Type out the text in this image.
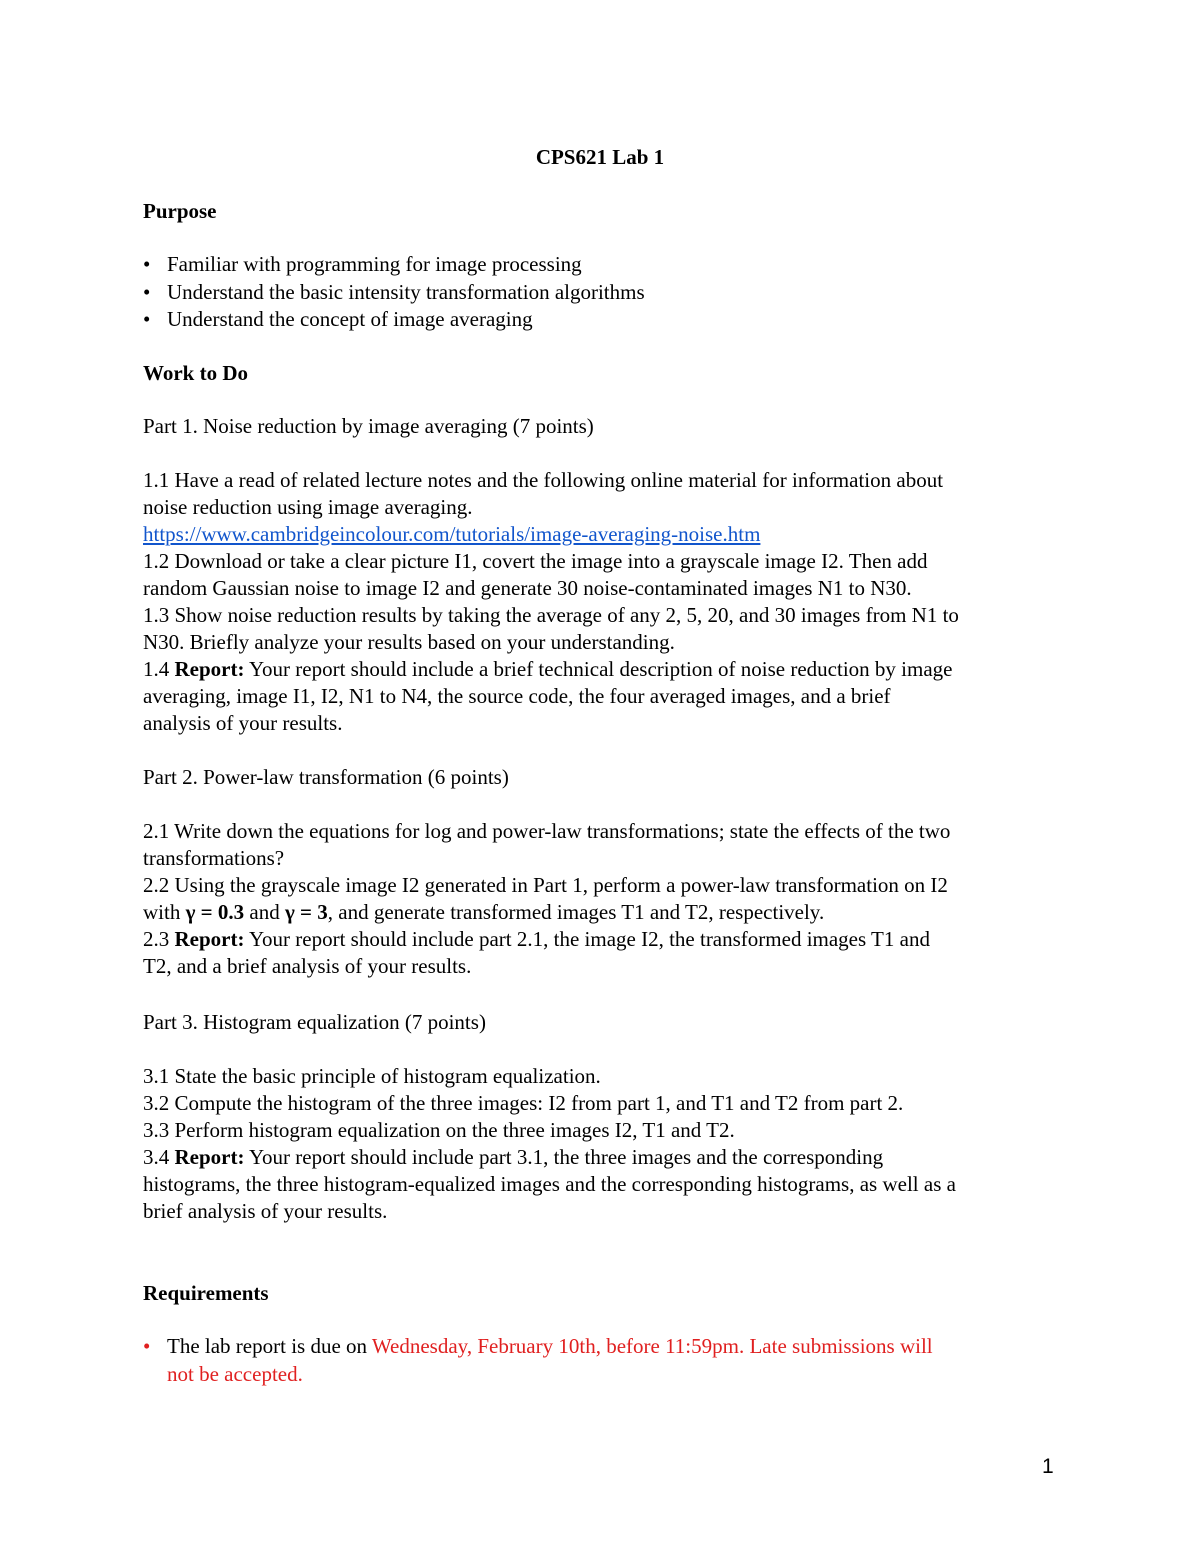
CPS621 Lab 1
Purpose
• Familiar with programming for image processing
• Understand the basic intensity transformation algorithms
• Understand the concept of image averaging
Work to Do
Part 1. Noise reduction by image averaging (7 points)
1.1 Have a read of related lecture notes and the following online material for information about
noise reduction using image averaging.
https://www.cambridgeincolour.com/tutorials/image-averaging-noise.htm
1.2 Download or take a clear picture I1, covert the image into a grayscale image I2. Then add
random Gaussian noise to image I2 and generate 30 noise-contaminated images N1 to N30.
1.3 Show noise reduction results by taking the average of any 2, 5, 20, and 30 images from N1 to
N30. Briefly analyze your results based on your understanding.
1.4 Report: Your report should include a brief technical description of noise reduction by image
averaging, image I1, I2, N1 to N4, the source code, the four averaged images, and a brief
analysis of your results.
Part 2. Power-law transformation (6 points)
2.1 Write down the equations for log and power-law transformations; state the effects of the two
transformations?
2.2 Using the grayscale image I2 generated in Part 1, perform a power-law transformation on I2
with γ = 0.3 and γ = 3, and generate transformed images T1 and T2, respectively.
2.3 Report: Your report should include part 2.1, the image I2, the transformed images T1 and
T2, and a brief analysis of your results.
Part 3. Histogram equalization (7 points)
3.1 State the basic principle of histogram equalization.
3.2 Compute the histogram of the three images: I2 from part 1, and T1 and T2 from part 2.
3.3 Perform histogram equalization on the three images I2, T1 and T2.
3.4 Report: Your report should include part 3.1, the three images and the corresponding
histograms, the three histogram-equalized images and the corresponding histograms, as well as a
brief analysis of your results.
Requirements
• The lab report is due on Wednesday, February 10th, before 11:59pm. Late submissions will
not be accepted.
1
